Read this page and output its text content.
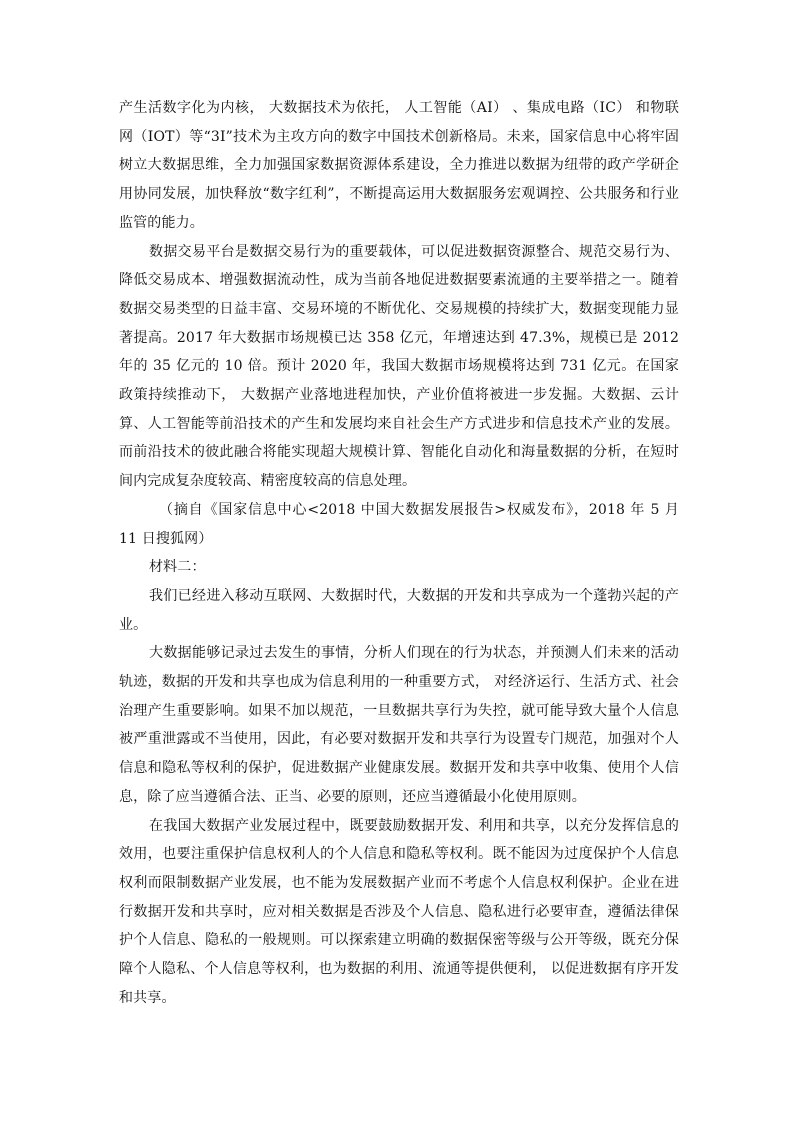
产生活数字化为内核， 大数据技术为依托， 人工智能（AI） 、集成电路（IC） 和物联网（IOT）等“3I”技术为主攻方向的数字中国技术创新格局。未来，国家信息中心将牢固树立大数据思维，全力加强国家数据资源体系建设，全力推进以数据为纽带的政产学研企用协同发展，加快释放“数字红利”，不断提高运用大数据服务宏观调控、公共服务和行业监管的能力。

数据交易平台是数据交易行为的重要载体，可以促进数据资源整合、规范交易行为、降低交易成本、增强数据流动性，成为当前各地促进数据要素流通的主要举措之一。随着数据交易类型的日益丰富、交易环境的不断优化、交易规模的持续扩大，数据变现能力显著提高。2017 年大数据市场规模已达 358 亿元，年增速达到 47.3%，规模已是 2012 年的 35 亿元的 10 倍。预计 2020 年，我国大数据市场规模将达到 731 亿元。在国家政策持续推动下， 大数据产业落地进程加快，产业价值将被进一步发掘。大数据、云计算、人工智能等前沿技术的产生和发展均来自社会生产方式进步和信息技术产业的发展。而前沿技术的彼此融合将能实现超大规模计算、智能化自动化和海量数据的分析，在短时间内完成复杂度较高、精密度较高的信息处理。

（摘自《国家信息中心<2018 中国大数据发展报告>权威发布》，2018 年 5 月 11 日搜狐网）

材料二：

我们已经进入移动互联网、大数据时代，大数据的开发和共享成为一个蓬勃兴起的产业。

大数据能够记录过去发生的事情，分析人们现在的行为状态，并预测人们未来的活动轨迹，数据的开发和共享也成为信息利用的一种重要方式， 对经济运行、生活方式、社会治理产生重要影响。如果不加以规范，一旦数据共享行为失控，就可能导致大量个人信息被严重泄露或不当使用，因此，有必要对数据开发和共享行为设置专门规范，加强对个人信息和隐私等权利的保护，促进数据产业健康发展。数据开发和共享中收集、使用个人信息，除了应当遵循合法、正当、必要的原则，还应当遵循最小化使用原则。

在我国大数据产业发展过程中，既要鼓励数据开发、利用和共享，以充分发挥信息的效用，也要注重保护信息权利人的个人信息和隐私等权利。既不能因为过度保护个人信息权利而限制数据产业发展，也不能为发展数据产业而不考虑个人信息权利保护。企业在进行数据开发和共享时，应对相关数据是否涉及个人信息、隐私进行必要审查，遵循法律保护个人信息、隐私的一般规则。可以探索建立明确的数据保密等级与公开等级，既充分保障个人隐私、个人信息等权利，也为数据的利用、流通等提供便利， 以促进数据有序开发和共享。
